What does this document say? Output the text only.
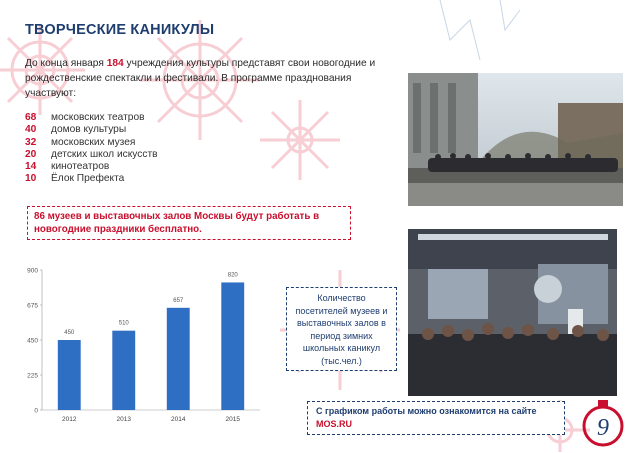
ТВОРЧЕСКИЕ КАНИКУЛЫ
До конца января 184 учреждения культуры представят свои новогодние и рождественские спектакли и фестивали. В программе празднования участвуют:
68	московских театров
40	домов культуры
32	московских музея
20	детских школ искусств
14	кинотеатров
10	Ёлок Префекта
86 музеев и выставочных залов Москвы будут работать в новогодние праздники бесплатно.
Количество посетителей музеев и выставочных залов в период зимних школьных каникул (тыс.чел.)
С графиком работы можно ознакомится на сайте MOS.RU
0
225
450
675
900
450
2012
510
2013
657
2014
820
2015	9
